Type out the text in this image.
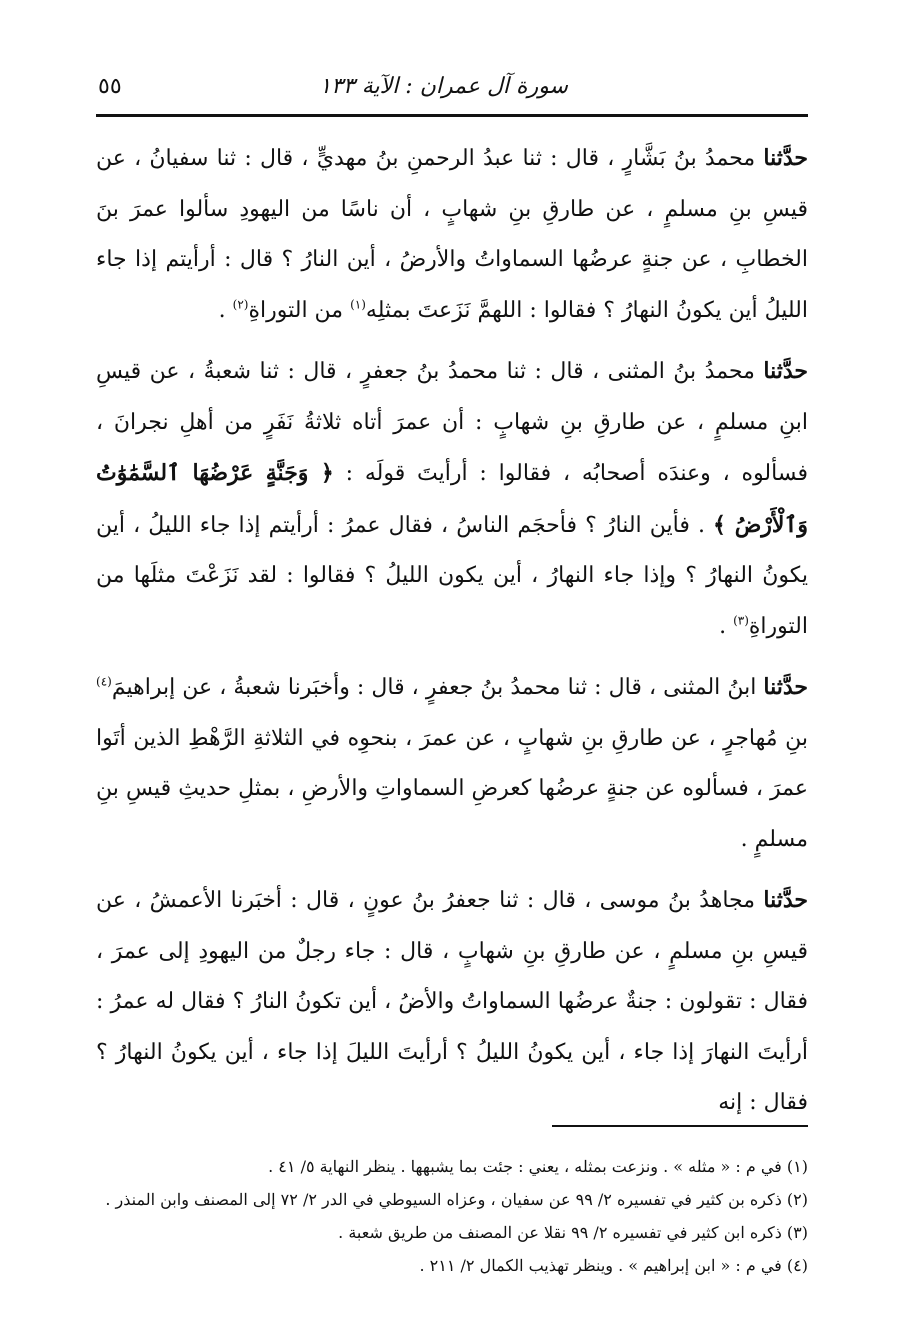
سورة آل عمران : الآية ١٣٣
٥٥

حدَّثنا محمدُ بنُ بَشَّارٍ ، قال : ثنا عبدُ الرحمنِ بنُ مهديٍّ ، قال : ثنا سفيانُ ، عن قيسِ بنِ مسلمٍ ، عن طارقِ بنِ شهابٍ ، أن ناسًا من اليهودِ سألوا عمرَ بنَ الخطابِ ، عن جنةٍ عرضُها السماواتُ والأرضُ ، أين النارُ ؟ قال : أرأيتم إذا جاء الليلُ أين يكونُ النهارُ ؟ فقالوا : اللهمَّ نَزَعتَ بمثلِه$^{(١)}$ من التوراةِ$^{(٢)}$ .

حدَّثنا محمدُ بنُ المثنى ، قال : ثنا محمدُ بنُ جعفرٍ ، قال : ثنا شعبةُ ، عن قيسِ ابنِ مسلمٍ ، عن طارقِ بنِ شهابٍ : أن عمرَ أتاه ثلاثةُ نَفَرٍ من أهلِ نجرانَ ، فسألوه ، وعندَه أصحابُه ، فقالوا : أرأيتَ قولَه : ﴿ وَجَنَّةٍ عَرْضُهَا ٱلسَّمَٰوَٰتُ وَٱلْأَرْضُ ﴾ . فأين النارُ ؟ فأحجَم الناسُ ، فقال عمرُ : أرأيتم إذا جاء الليلُ ، أين يكونُ النهارُ ؟ وإذا جاء النهارُ ، أين يكون الليلُ ؟ فقالوا : لقد نَزَعْتَ مثلَها من التوراةِ$^{(٣)}$ .

حدَّثنا ابنُ المثنى ، قال : ثنا محمدُ بنُ جعفرٍ ، قال : وأخبَرنا شعبةُ ، عن إبراهيمَ$^{(٤)}$ بنِ مُهاجرٍ ، عن طارقِ بنِ شهابٍ ، عن عمرَ ، بنحوِه في الثلاثةِ الرَّهْطِ الذين أتَوا عمرَ ، فسألوه عن جنةٍ عرضُها كعرضِ السماواتِ والأرضِ ، بمثلِ حديثِ قيسِ بنِ مسلمٍ .

حدَّثنا مجاهدُ بنُ موسى ، قال : ثنا جعفرُ بنُ عونٍ ، قال : أخبَرنا الأعمشُ ، عن قيسِ بنِ مسلمٍ ، عن طارقِ بنِ شهابٍ ، قال : جاء رجلٌ من اليهودِ إلى عمرَ ، فقال : تقولون : جنةٌ عرضُها السماواتُ والأضُ ، أين تكونُ النارُ ؟ فقال له عمرُ : أرأيتَ النهارَ إذا جاء ، أين يكونُ الليلُ ؟ أرأيتَ الليلَ إذا جاء ، أين يكونُ النهارُ ؟ فقال : إنه

(١) في م : « مثله » . ونزعت بمثله ، يعني : جئت بما يشبهها . ينظر النهاية ٥/ ٤١ .
(٢) ذكره بن كثير في تفسيره ٢/ ٩٩ عن سفيان ، وعزاه السيوطي في الدر ٢/ ٧٢ إلى المصنف وابن المنذر .
(٣) ذكره ابن كثير في تفسيره ٢/ ٩٩ نقلا عن المصنف من طريق شعبة .
(٤) في م : « ابن إبراهيم » . وينظر تهذيب الكمال ٢/ ٢١١ .
